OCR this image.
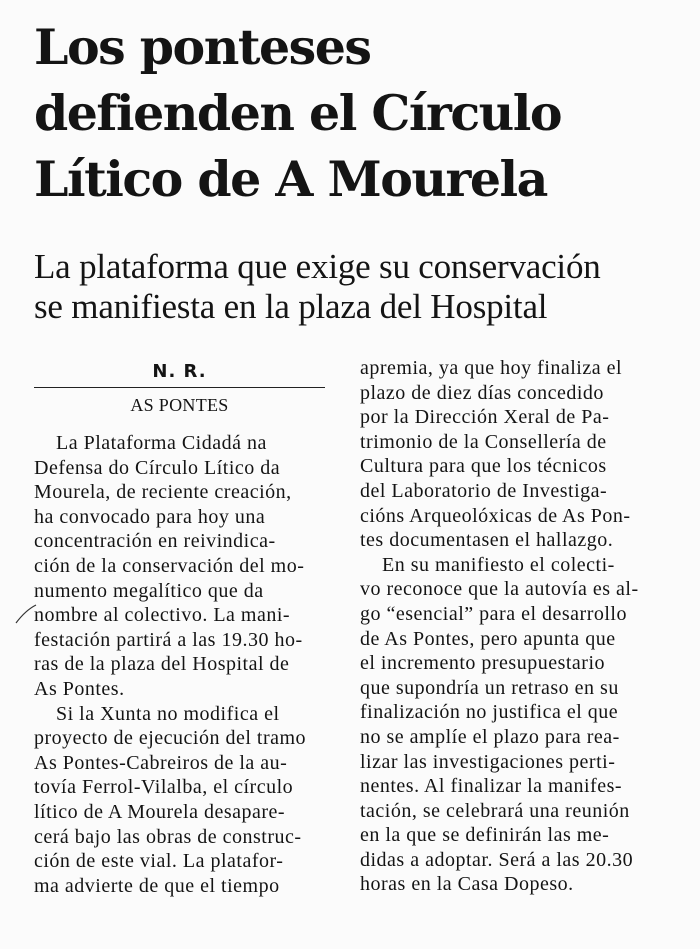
Los ponteses
defienden el Círculo
Lítico de A Mourela
La plataforma que exige su conservación
se manifiesta en la plaza del Hospital
N. R.
AS PONTES
La Plataforma Cidadá na
Defensa do Círculo Lítico da
Mourela, de reciente creación,
ha convocado para hoy una
concentración en reivindica-
ción de la conservación del mo-
numento megalítico que da
nombre al colectivo. La mani-
festación partirá a las 19.30 ho-
ras de la plaza del Hospital de
As Pontes.
Si la Xunta no modifica el
proyecto de ejecución del tramo
As Pontes-Cabreiros de la au-
tovía Ferrol-Vilalba, el círculo
lítico de A Mourela desapare-
cerá bajo las obras de construc-
ción de este vial. La platafor-
ma advierte de que el tiempo
apremia, ya que hoy finaliza el
plazo de diez días concedido
por la Dirección Xeral de Pa-
trimonio de la Consellería de
Cultura para que los técnicos
del Laboratorio de Investiga-
cións Arqueolóxicas de As Pon-
tes documentasen el hallazgo.
En su manifiesto el colecti-
vo reconoce que la autovía es al-
go “esencial” para el desarrollo
de As Pontes, pero apunta que
el incremento presupuestario
que supondría un retraso en su
finalización no justifica el que
no se amplíe el plazo para rea-
lizar las investigaciones perti-
nentes. Al finalizar la manifes-
tación, se celebrará una reunión
en la que se definirán las me-
didas a adoptar. Será a las 20.30
horas en la Casa Dopeso.
